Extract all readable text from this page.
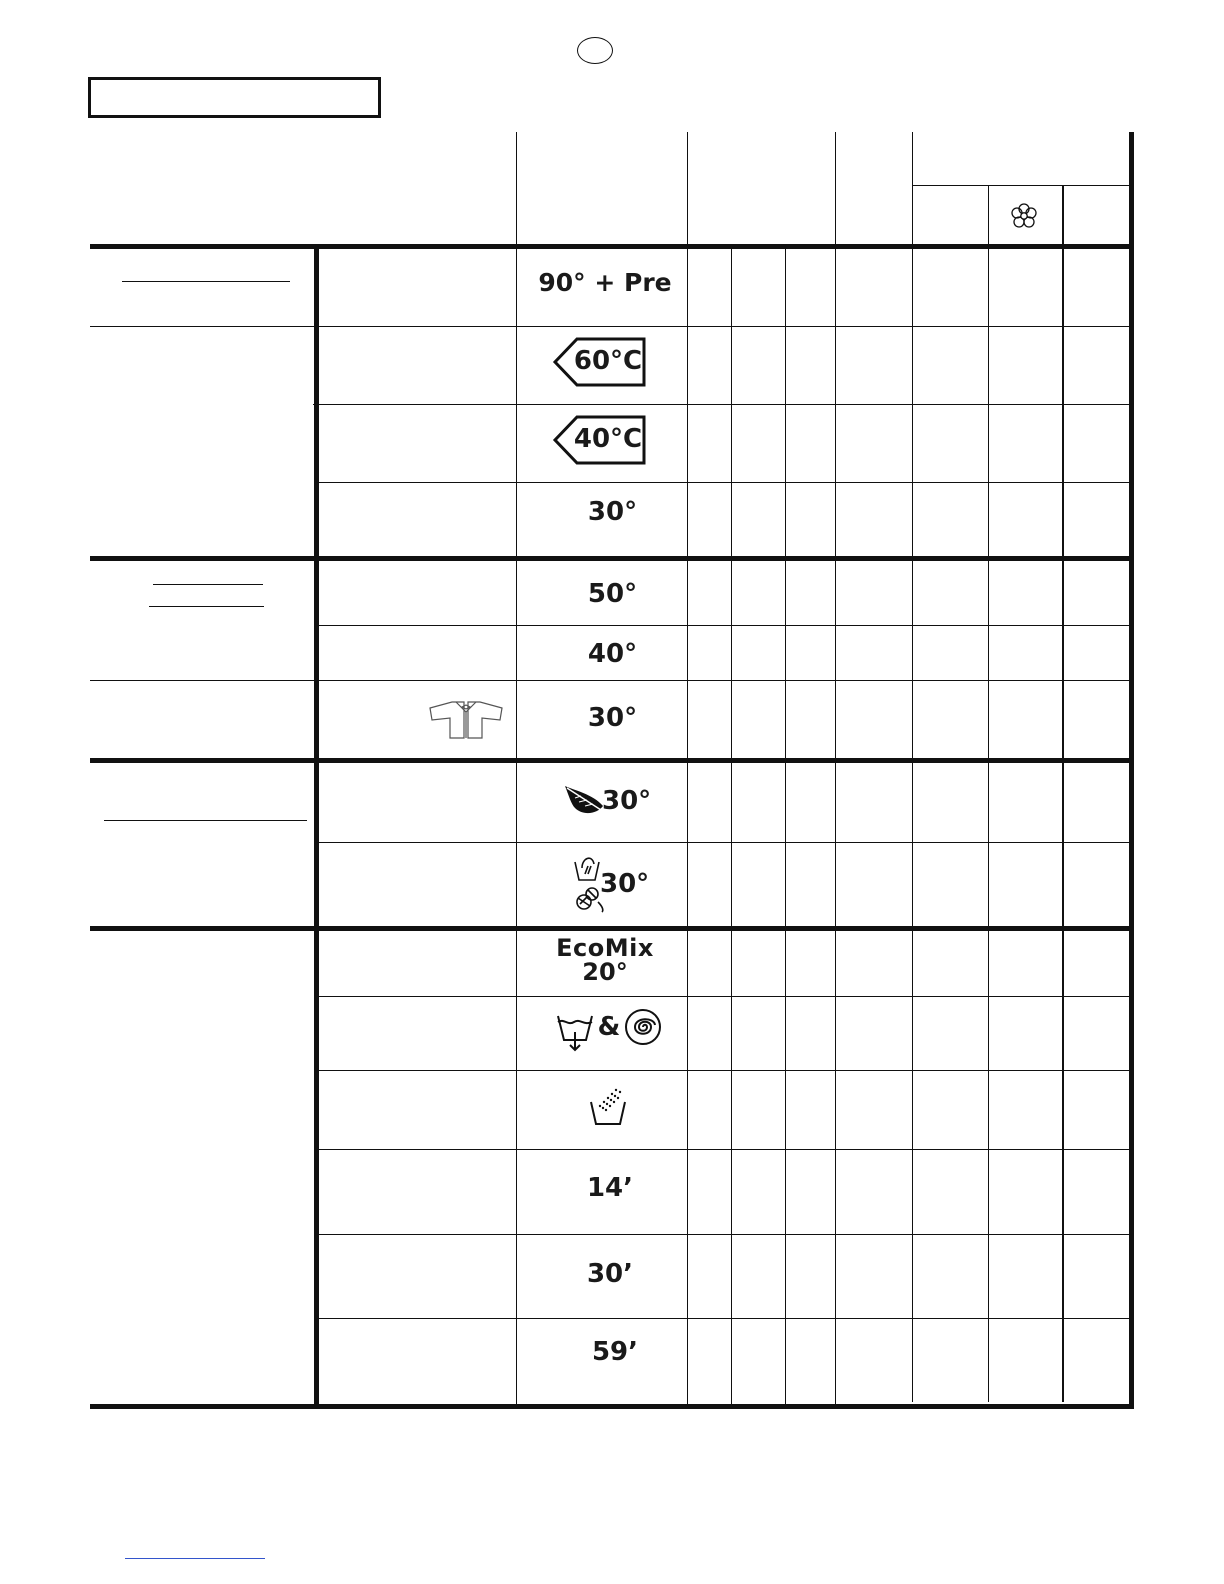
90° + Pre
60°C
40°C
30°
50°
40°
30°
30°
30°
EcoMix
20°
&
14’
30’
59’
